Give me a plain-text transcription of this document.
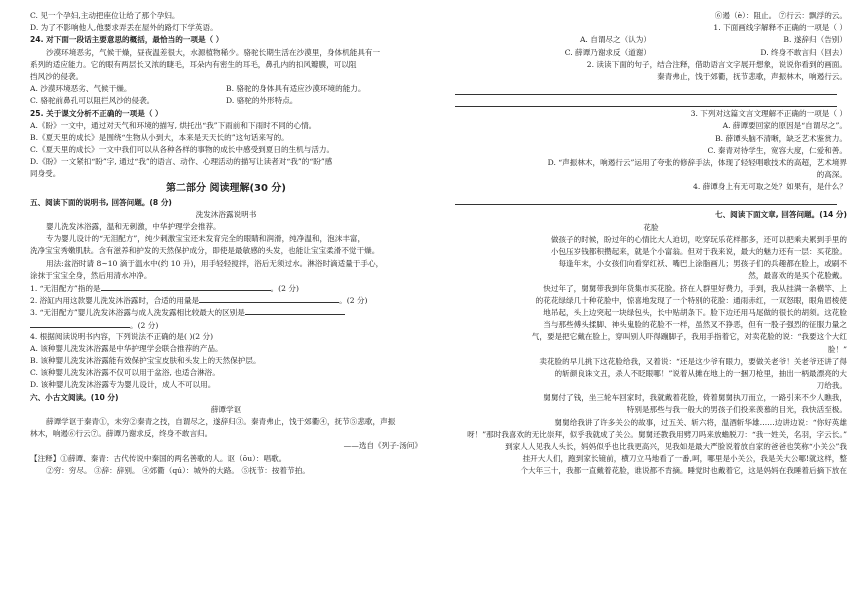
C. 见一个孕妇,主动把座位让给了那个孕妇。
D. 为了不影响他人,他要求弄丢在屋外的路灯下学英语。
24. 对下面一段话主要意思的概括，最恰当的一项是（ ）
沙漠环境恶劣，气候干燥，昼夜温差很大，水源植物稀少。骆驼长期生活在沙漠里，身体机能具有一
系列的适应能力。它的眼有两层长又浓的睫毛，耳朵内有密生的耳毛，鼻孔内的扣风瓣膜，可以阻
挡风沙的侵袭。
A. 沙漠环境恶劣、气候干燥。	B. 骆驼的身体具有适应沙漠环境的能力。
C. 骆驼前鼻孔可以阻拦风沙的侵袭。	D. 骆驼的外形特点。
25. 关于课文分析不正确的一项是（ ）
A.《盼》一文中，通过对天气和环境的描写, 烘托出“我”下雨前和下雨时不同的心情。
B.《夏天里的成长》是围绕“生物从小到大，本来是天天长的”这句话来写的。
C.《夏天里的成长》一文中我们可以从各种各样的事物的成长中感受到夏日的生机与活力。
D.《盼》一文紧扣“盼”字, 通过“我”的语言、动作、心理活动的描写让读者对“我”的“盼”感
同身受。
第二部分 阅读理解(30 分)
五、阅读下面的说明书, 回答问题。(8 分)
洗发沐浴露说明书
婴儿洗发沐浴露，温和无刺激，中华护理学会推荐。
专为婴儿设计的“无泪配方”，纯少刺激宝宝还未发育完全的眼睛和润滑，纯净温和，泡沫丰富，
洗净宝宝秀嫩肌肤。含有滋养和护发的天然保护成分，即使是最敏感的头发，也能让宝宝柔滑不觉干燥。
用法:盆浴时请 8~10 滴于温水中(约 10 升)，用手轻轻搅拌，浴后无须过水。淋浴时滴适量于手心，
涂抹于宝宝全身，然后用清水冲净。
1. “无泪配方”指的是	。(2 分)
2. 浴缸内用这款婴儿洗发沐浴露时，合适的用量是	。(2 分)
3. “无泪配方”婴儿洗发沐浴露与成人洗发露相比较最大的区别是
。(2 分)
4. 根据阅读说明书内容，下列说法不正确的是( )(2 分)
A. 该种婴儿洗发沐浴露是中华护理学会联合推荐的产品。
B. 该种婴儿洗发沐浴露能有效保护宝宝皮肤和头发上的天然保护层。
C. 该种婴儿洗发沐浴露不仅可以用于盆浴, 也适合淋浴。
D. 该种婴儿洗发沐浴露专为婴儿设计，成人不可以用。
六、小古文阅读。(10 分)
薛谭学讴
薛谭学讴于秦青①，未穷②秦青之技，自谓尽之，遂辞归③。秦青弗止，饯于郊衢④，抚节⑤悲歌，声振
林木，响遏⑥行云⑦。薛谭乃谢求反，终身不敢言归。
——选自《列子·汤问》
【注释】①薛谭、秦青：古代传说中秦国的两名善歌的人。讴（ōu）：唱歌。
②穷：穷尽。 ③辞：辞别。 ④郊衢（qú）：城外的大路。 ⑤抚节：按着节拍。
⑥遏（è）：阻止。 ⑦行云：飘浮的云。
1. 下面画线字解释不正确的一项是（ ）
A. 自谓尽之（认为）	B. 遂辞归（告别）
C. 薛谭乃谢求反（道谢）	D. 终身不敢言归（回去）
2. 读读下面的句子，结合注释，借助语言文字展开想象，说说你看到的画面。
秦青弗止，饯于郊衢，抚节悲歌，声振林木，响遏行云。
3. 下列对这篇文言文理解不正确的一项是（ ）
A. 薛谭要回家的原因是“自谓尽之”。
B. 薛谭头脑不清晰，缺乏艺术鉴赏力。
C. 秦青对待学生，宽容大度，仁爱和善。
D. “声振林木，响遏行云”运用了夸张的修辞手法，体现了轻轻唱歌技术的高超，艺术境界
的高深。
4. 薛谭身上有无可取之处？如果有，是什么？
七、阅读下面文章, 回答问题。(14 分)
花脸
做孩子的时候，盼过年的心情比大人迫切，吃穿玩乐花样都多，还可以把乘夫累到手里的
小包压岁钱都积攒起来，就是个小富翁。但对于我来说，最大的魅力还有一层：买花脸。
每逢年末，小女孩们向看穿红袄、嘴巴上涂脂画儿；男孩子们的兵趣都在脸上，或刷不
然，最喜欢的是买个花脸戴。
快过年了，舅舅带我到年货集市买花脸。挤在人群里好费力，手到，我从挂满一条横竿、上
的花花绿绿几十种花脸中，惊喜地发现了一个特别的花脸：通雨赤红，一双怒眼，眼角眉棱使
地吊起，头上边突起一块绿包头，长中贴胡条下。脸下边还用马尾做的很长的胡须。这花脸
当与那些傅头揉脚、神头鬼脸的花脸不一样，虽然叉不狰恶，但有一股子强烈的征服力量之
气，要是把它戴在脸上，穿叫别人吓得蹦脚子，我用手指着它，对卖花脸的说：“我要这个大红
脸！”
卖花脸的早儿挑下这花脸给我，又着说：“还是这少爷有眼力，要做关老爷！关老爷还讲了得
的斩颜良诛文丑，杀人不眨眼哪！”说着从摊在地上的一捆刀枪里，抽出一柄最漂亮的大
刀给我。
舅舅付了钱，坐三轮车回家时，我就戴着花脸，倚着舅舅执刀而立，一路引来不少人瞧我，
特别是那些与我一般大的男孩子们投来羡慕的目光，我快活至极。
舅舅给我讲了许多关公的故事，过五关、斩六将，温酒斩华雄……边讲边说：“你好英雄
呀！”那时我喜欢的无比崇拜，似乎我就成了关公。舅舅还教我用劈刀吗来放蟾脱刀：“我一姓关，名羽，字云长。”
到家人人见我人头长，妈妈似乎也比我更高兴，见我如是最大严脸说着放自家的爸爸也笑称“小关公”我
挂开大人们，跑到家长镜前，横刀立马地看了一番,呵，哪里是小关公，我是关大公哪!就这样，整
个大年三十，我都一直戴着花脸，谁说都不肯摘。睡觉时也戴着它，这是妈妈在我睡着后摘下放在
